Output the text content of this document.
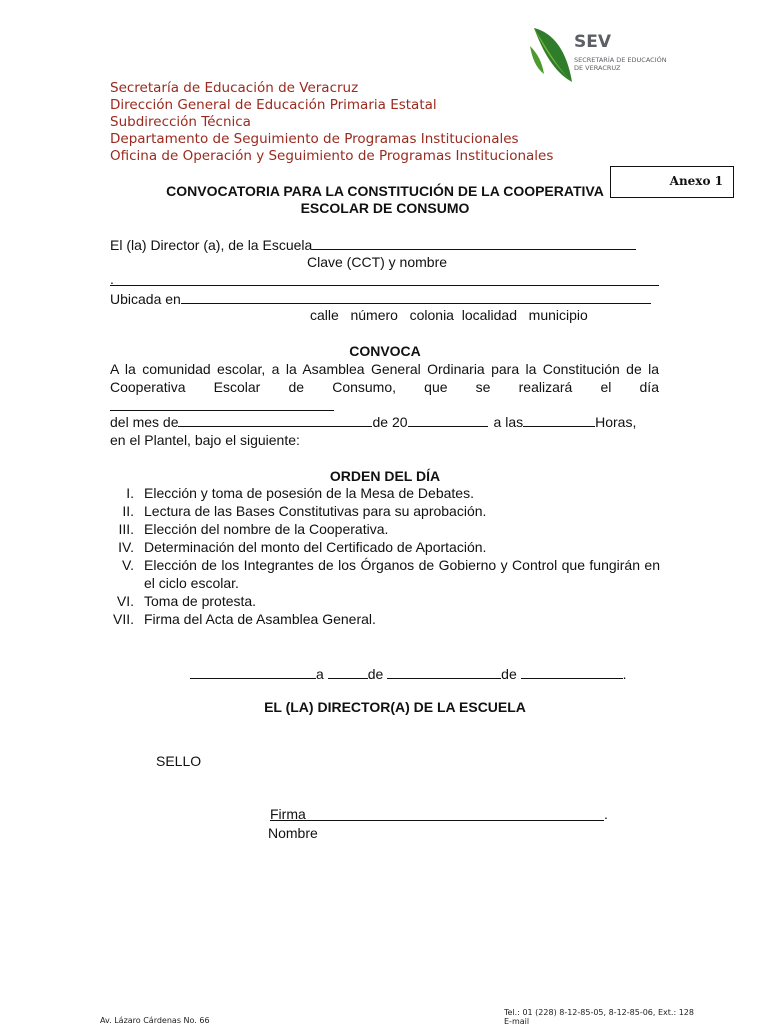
SEV
SECRETARÍA DE EDUCACIÓN
DE VERACRUZ
Secretaría de Educación de Veracruz
Dirección General de Educación Primaria Estatal
Subdirección Técnica
Departamento de Seguimiento de Programas Institucionales
Oficina de Operación y Seguimiento de Programas Institucionales
CONVOCATORIA PARA LA CONSTITUCIÓN DE LA COOPERATIVA
ESCOLAR DE CONSUMO
Anexo 1
El (la) Director (a), de la Escuela
Clave (CCT) y nombre
.
Ubicada en
calle   número   colonia  localidad   municipio
CONVOCA
A la comunidad escolar, a la Asamblea General Ordinaria para la Constitución de la Cooperativa Escolar de Consumo, que se realizará el día
del mes de	de 20	a las	Horas,
en el Plantel, bajo el siguiente:
ORDEN DEL DÍA
I. Elección y toma de posesión de la Mesa de Debates.
II. Lectura de las Bases Constitutivas para su aprobación.
III. Elección del nombre de la Cooperativa.
IV. Determinación del monto del Certificado de Aportación.
V. Elección de los Integrantes de los Órganos de Gobierno y Control que fungirán en el ciclo escolar.
VI. Toma de protesta.
VII. Firma del Acta de Asamblea General.
a	de	de	.
EL (LA) DIRECTOR(A) DE LA ESCUELA
SELLO
Firma	.
Nombre
Av. Lázaro Cárdenas No. 66
Tel.: 01 (228) 8-12-85-05, 8-12-85-06, Ext.: 128
E-mail
